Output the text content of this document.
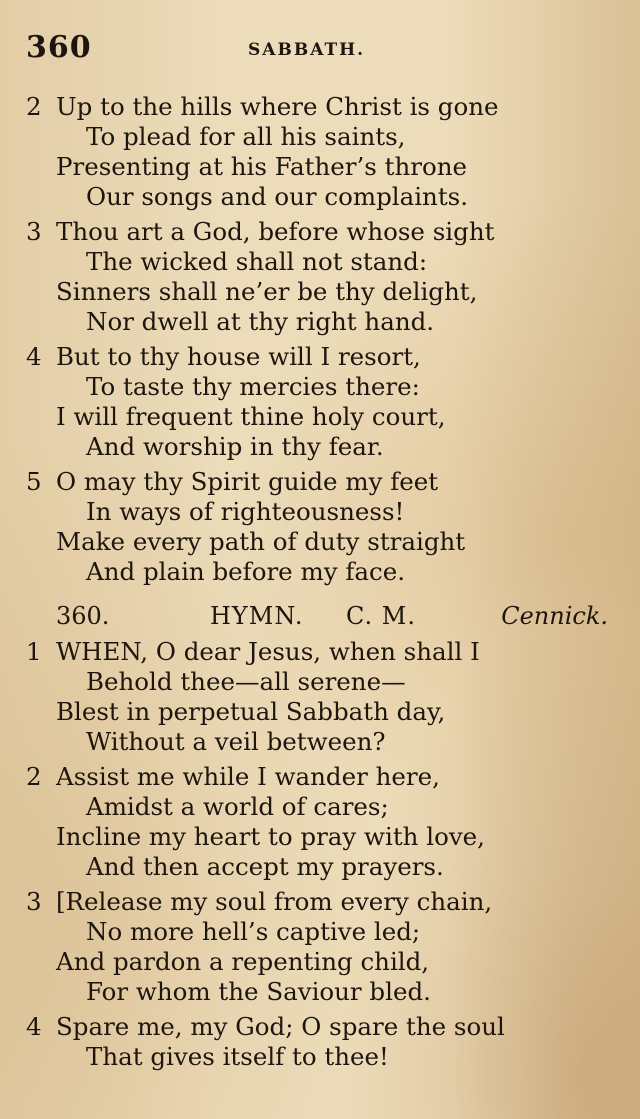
360	SABBATH.
2 Up to the hills where Christ is gone
To plead for all his saints,
Presenting at his Father’s throne
Our songs and our complaints.
3 Thou art a God, before whose sight
The wicked shall not stand:
Sinners shall ne’er be thy delight,
Nor dwell at thy right hand.
4 But to thy house will I resort,
To taste thy mercies there:
I will frequent thine holy court,
And worship in thy fear.
5 O may thy Spirit guide my feet
In ways of righteousness!
Make every path of duty straight
And plain before my face.
360.	HYMN. C. M.	Cennick.
1 WHEN, O dear Jesus, when shall I
Behold thee—all serene—
Blest in perpetual Sabbath day,
Without a veil between?
2 Assist me while I wander here,
Amidst a world of cares;
Incline my heart to pray with love,
And then accept my prayers.
3 [Release my soul from every chain,
No more hell’s captive led;
And pardon a repenting child,
For whom the Saviour bled.
4 Spare me, my God; O spare the soul
That gives itself to thee!
